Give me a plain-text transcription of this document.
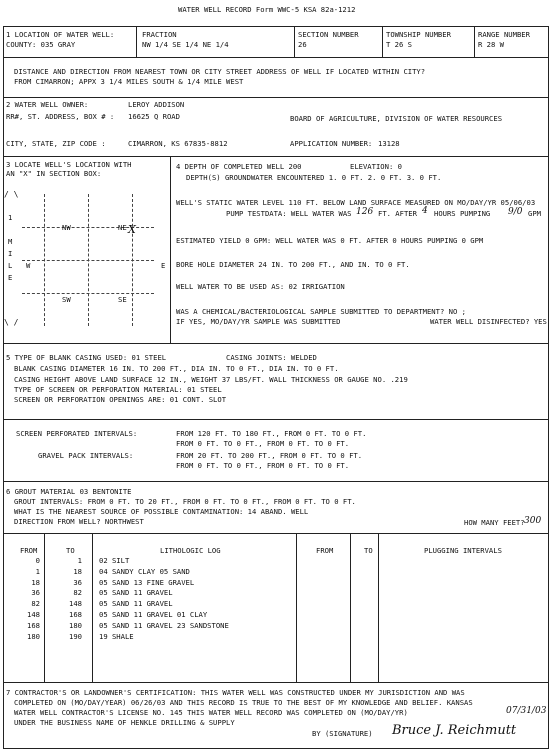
WATER WELL RECORD Form WWC-5 KSA 82a-1212
1 LOCATION OF WATER WELL:
COUNTY: 035 GRAY
FRACTION
NW 1/4 SE 1/4 NE 1/4
SECTION NUMBER
26
TOWNSHIP NUMBER
T 26 S
RANGE NUMBER
R 28 W
DISTANCE AND DIRECTION FROM NEAREST TOWN OR CITY STREET ADDRESS OF WELL IF LOCATED WITHIN CITY?
FROM CIMARRON; APPX 3 1/4 MILES SOUTH & 1/4 MILE WEST
2 WATER WELL OWNER:	LEROY ADDISON
RR#, ST. ADDRESS, BOX # : 16625 Q ROAD	BOARD OF AGRICULTURE, DIVISION OF WATER RESOURCES
CITY, STATE, ZIP CODE :	CIMARRON, KS 67835-8812	APPLICATION NUMBER: 13128
3 LOCATE WELL'S LOCATION WITH
AN "X" IN SECTION BOX:
1
M
I
L
E
/ \
\ /
NW	NE X
SW	SE
W	E
4 DEPTH OF COMPLETED WELL 200	ELEVATION: 0
DEPTH(S) GROUNDWATER ENCOUNTERED 1. 0 FT. 2. 0 FT. 3. 0 FT.
WELL'S STATIC WATER LEVEL 110 FT. BELOW LAND SURFACE MEASURED ON MO/DAY/YR 05/06/03
PUMP TESTDATA: WELL WATER WAS 126 FT. AFTER 4 HOURS PUMPING 9/0 GPM
ESTIMATED YIELD 0 GPM: WELL WATER WAS 0 FT. AFTER 0 HOURS PUMPING 0 GPM
BORE HOLE DIAMETER 24 IN. TO 200 FT., AND IN. TO 0 FT.
WELL WATER TO BE USED AS: 02 IRRIGATION
WAS A CHEMICAL/BACTERIOLOGICAL SAMPLE SUBMITTED TO DEPARTMENT? NO ;
IF YES, MO/DAY/YR SAMPLE WAS SUBMITTED	WATER WELL DISINFECTED? YES
5 TYPE OF BLANK CASING USED: 01 STEEL	CASING JOINTS: WELDED
BLANK CASING DIAMETER 16 IN. TO 200 FT., DIA IN. TO 0 FT., DIA IN. TO 0 FT.
CASING HEIGHT ABOVE LAND SURFACE 12 IN., WEIGHT 37 LBS/FT. WALL THICKNESS OR GAUGE NO. .219
TYPE OF SCREEN OR PERFORATION MATERIAL: 01 STEEL
SCREEN OR PERFORATION OPENINGS ARE: 01 CONT. SLOT
SCREEN PERFORATED INTERVALS:	FROM 120 FT. TO 180 FT., FROM 0 FT. TO 0 FT.
FROM 0 FT. TO 0 FT., FROM 0 FT. TO 0 FT.
GRAVEL PACK INTERVALS:	FROM 20 FT. TO 200 FT., FROM 0 FT. TO 0 FT.
FROM 0 FT. TO 0 FT., FROM 0 FT. TO 0 FT.
6 GROUT MATERIAL 03 BENTONITE
GROUT INTERVALS: FROM 0 FT. TO 20 FT., FROM 0 FT. TO 0 FT., FROM 0 FT. TO 0 FT.
WHAT IS THE NEAREST SOURCE OF POSSIBLE CONTAMINATION: 14 ABAND. WELL
DIRECTION FROM WELL? NORTHWEST	HOW MANY FEET? 300
FROM	TO	LITHOLOGIC LOG	FROM	TO	PLUGGING INTERVALS
0	1 02 SILT
1	18 04 SANDY CLAY 05 SAND
18	36 05 SAND 13 FINE GRAVEL
36	82 05 SAND 11 GRAVEL
82	148 05 SAND 11 GRAVEL
148	168 05 SAND 11 GRAVEL 01 CLAY
168	180 05 SAND 11 GRAVEL 23 SANDSTONE
180	190 19 SHALE
7 CONTRACTOR'S OR LANDOWNER'S CERTIFICATION: THIS WATER WELL WAS CONSTRUCTED UNDER MY JURISDICTION AND WAS
COMPLETED ON (MO/DAY/YEAR) 06/26/03 AND THIS RECORD IS TRUE TO THE BEST OF MY KNOWLEDGE AND BELIEF. KANSAS
WATER WELL CONTRACTOR'S LICENSE NO. 145 THIS WATER WELL RECORD WAS COMPLETED ON (MO/DAY/YR)	07/31/03
UNDER THE BUSINESS NAME OF HENKLE DRILLING & SUPPLY
BY (SIGNATURE) Bruce J. Reichmutt
